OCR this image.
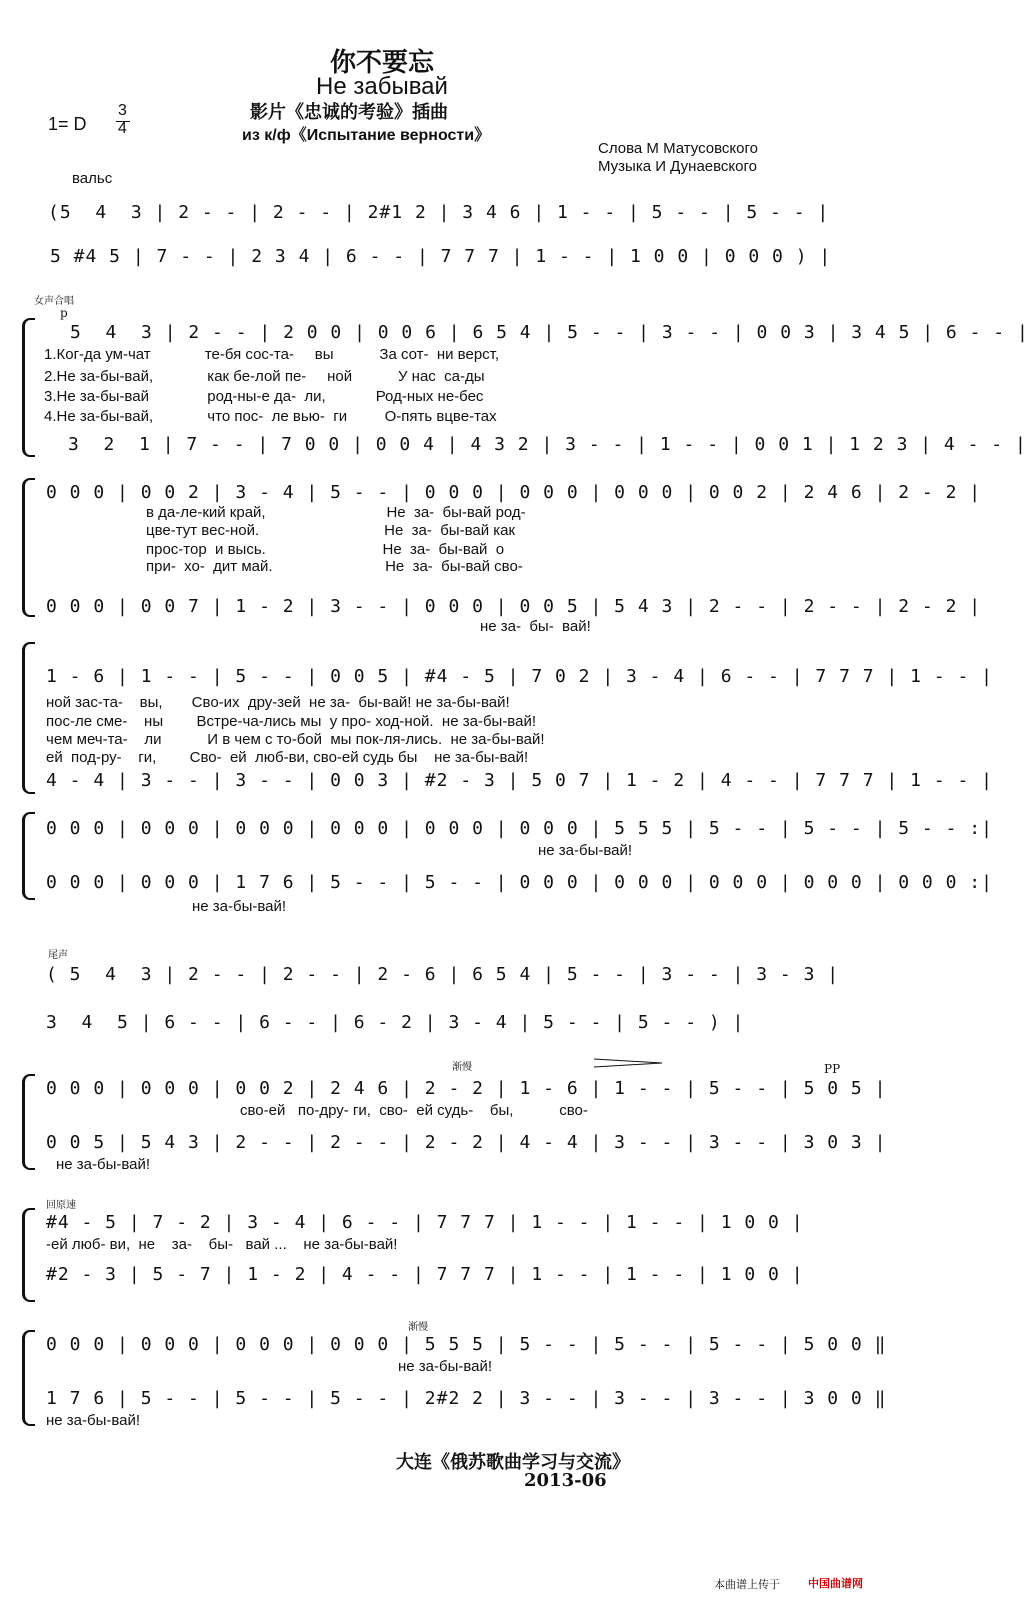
你不要忘
Не забывай
影片《忠诚的考验》插曲
из к/ф《Испытание верности》
1= D
3
4
Слова М Матусовского
Музыка И Дунаевского
вальс
(5  4  3 | 2 - - | 2 - - | 2#1 2 | 3 4 6 | 1 - - | 5 - - | 5 - - |
5 #4 5 | 7 - - | 2 3 4 | 6 - - | 7 7 7 | 1 - - | 1 0 0 | 0 0 0 ) |
女声合唱
p
5  4  3 | 2 - - | 2 0 0 | 0 0 6 | 6 5 4 | 5 - - | 3 - - | 0 0 3 | 3 4 5 | 6 - - |
1.Ког-да ум-чат             те-бя сос-та-     вы           За сот-  ни верст,
2.Не за-бы-вай,             как бе-лой пе-     ной           У нас  са-ды
3.Не за-бы-вай              род-ны-е да-  ли,            Род-ных не-бес
4.Не за-бы-вай,             что пос-  ле вью-  ги         О-пять вцве-тах
3  2  1 | 7 - - | 7 0 0 | 0 0 4 | 4 3 2 | 3 - - | 1 - - | 0 0 1 | 1 2 3 | 4 - - |
0 0 0 | 0 0 2 | 3 - 4 | 5 - - | 0 0 0 | 0 0 0 | 0 0 0 | 0 0 2 | 2 4 6 | 2 - 2 |
в да-ле-кий край,                             Не  за-  бы-вай род-
цве-тут вес-ной.                              Не  за-  бы-вай как
прос-тор  и высь.                            Не  за-  бы-вай  о
при-  хо-  дит май.                           Не  за-  бы-вай сво-
0 0 0 | 0 0 7 | 1 - 2 | 3 - - | 0 0 0 | 0 0 5 | 5 4 3 | 2 - - | 2 - - | 2 - 2 |
не за-  бы-  вай!
1 - 6 | 1 - - | 5 - - | 0 0 5 | #4 - 5 | 7 0 2 | 3 - 4 | 6 - - | 7 7 7 | 1 - - |
ной зас-та-    вы,       Сво-их  дру-зей  не за-  бы-вай! не за-бы-вай!
пос-ле сме-    ны        Встре-ча-лись мы  у про- ход-ной.  не за-бы-вай!
чем меч-та-    ли           И в чем с то-бой  мы пок-ля-лись.  не за-бы-вай!
ей  под-ру-    ги,        Сво-  ей  люб-ви, сво-ей судь бы    не за-бы-вай!
4 - 4 | 3 - - | 3 - - | 0 0 3 | #2 - 3 | 5 0 7 | 1 - 2 | 4 - - | 7 7 7 | 1 - - |
0 0 0 | 0 0 0 | 0 0 0 | 0 0 0 | 0 0 0 | 0 0 0 | 5 5 5 | 5 - - | 5 - - | 5 - - :|
не за-бы-вай!
0 0 0 | 0 0 0 | 1 7 6 | 5 - - | 5 - - | 0 0 0 | 0 0 0 | 0 0 0 | 0 0 0 | 0 0 0 :|
не за-бы-вай!
尾声
( 5  4  3 | 2 - - | 2 - - | 2 - 6 | 6 5 4 | 5 - - | 3 - - | 3 - 3 |
3  4  5 | 6 - - | 6 - - | 6 - 2 | 3 - 4 | 5 - - | 5 - - ) |
渐慢	PP
0 0 0 | 0 0 0 | 0 0 2 | 2 4 6 | 2 - 2 | 1 - 6 | 1 - - | 5 - - | 5 0 5 |
сво-ей   по-дру- ги,  сво-  ей судь-    бы,           сво-
0 0 5 | 5 4 3 | 2 - - | 2 - - | 2 - 2 | 4 - 4 | 3 - - | 3 - - | 3 0 3 |
не за-бы-вай!
回原速
#4 - 5 | 7 - 2 | 3 - 4 | 6 - - | 7 7 7 | 1 - - | 1 - - | 1 0 0 |
-ей люб- ви,  не    за-    бы-   вай ...    не за-бы-вай!
#2 - 3 | 5 - 7 | 1 - 2 | 4 - - | 7 7 7 | 1 - - | 1 - - | 1 0 0 |
渐慢
0 0 0 | 0 0 0 | 0 0 0 | 0 0 0 | 5 5 5 | 5 - - | 5 - - | 5 - - | 5 0 0 ‖
не за-бы-вай!
1 7 6 | 5 - - | 5 - - | 5 - - | 2#2 2 | 3 - - | 3 - - | 3 - - | 3 0 0 ‖
не за-бы-вай!
大连《俄苏歌曲学习与交流》
2013-06
本曲谱上传于	中国曲谱网
